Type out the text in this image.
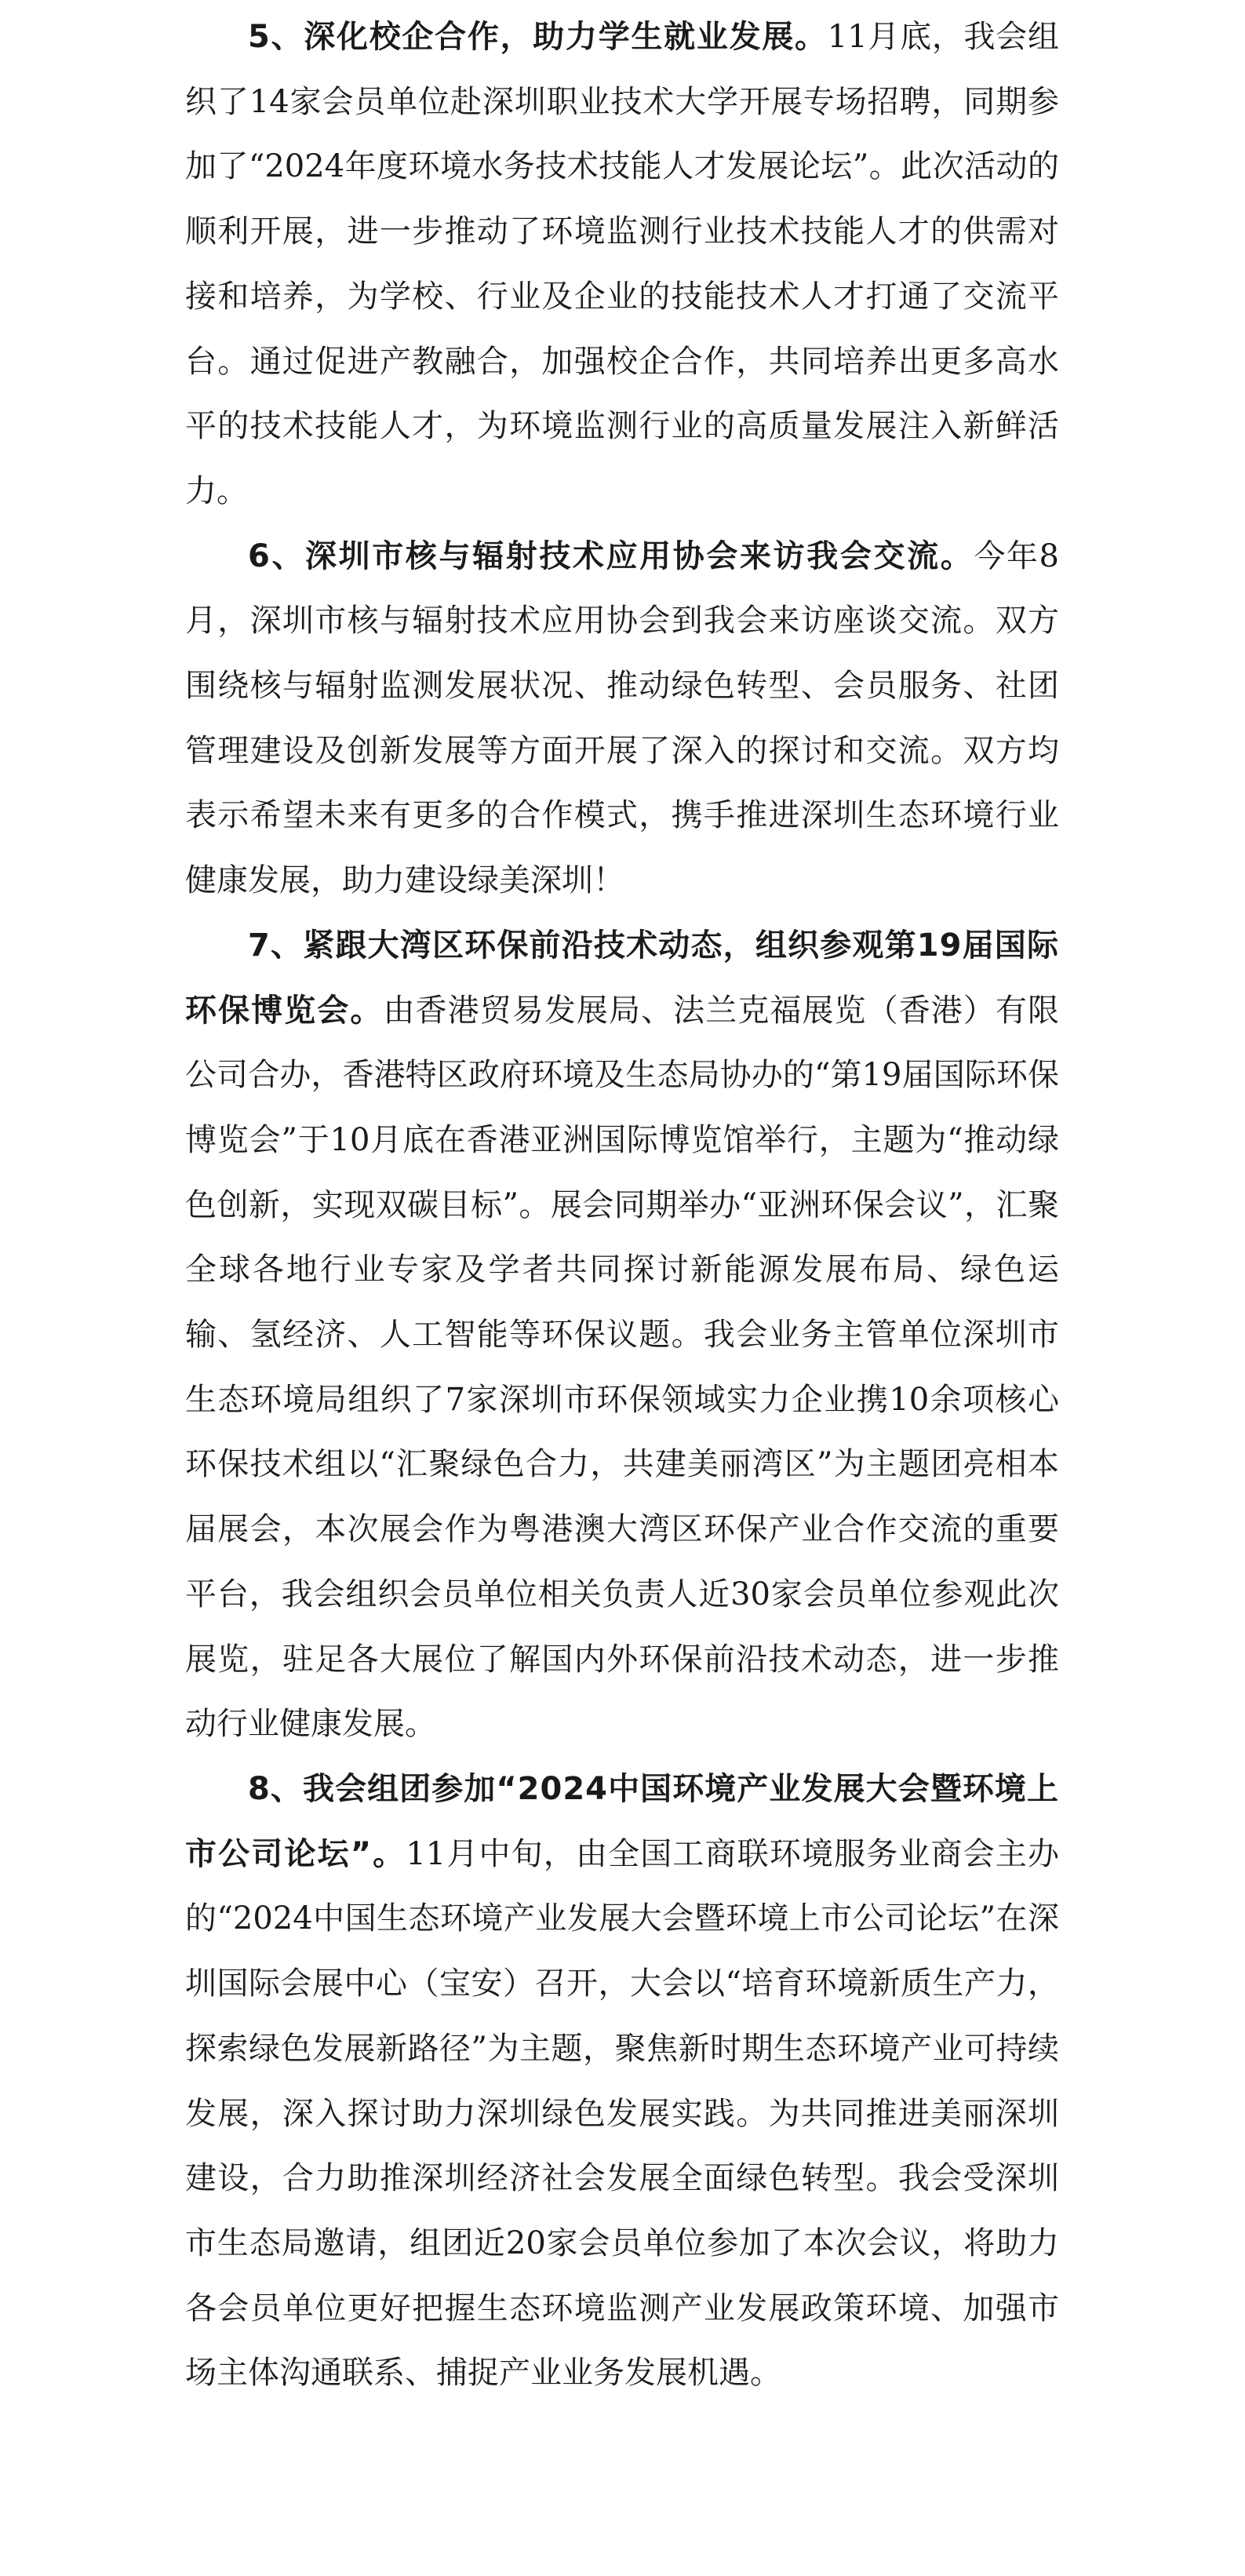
5、深化校企合作，助力学生就业发展。11月底，我会组织了14家会员单位赴深圳职业技术大学开展专场招聘，同期参加了“2024年度环境水务技术技能人才发展论坛”。此次活动的顺利开展，进一步推动了环境监测行业技术技能人才的供需对接和培养，为学校、行业及企业的技能技术人才打通了交流平台。通过促进产教融合，加强校企合作，共同培养出更多高水平的技术技能人才，为环境监测行业的高质量发展注入新鲜活力。

6、深圳市核与辐射技术应用协会来访我会交流。今年8月，深圳市核与辐射技术应用协会到我会来访座谈交流。双方围绕核与辐射监测发展状况、推动绿色转型、会员服务、社团管理建设及创新发展等方面开展了深入的探讨和交流。双方均表示希望未来有更多的合作模式，携手推进深圳生态环境行业健康发展，助力建设绿美深圳！

7、紧跟大湾区环保前沿技术动态，组织参观第19届国际环保博览会。由香港贸易发展局、法兰克福展览（香港）有限公司合办，香港特区政府环境及生态局协办的“第19届国际环保博览会”于10月底在香港亚洲国际博览馆举行，主题为“推动绿色创新，实现双碳目标”。展会同期举办“亚洲环保会议”，汇聚全球各地行业专家及学者共同探讨新能源发展布局、绿色运输、氢经济、人工智能等环保议题。我会业务主管单位深圳市生态环境局组织了7家深圳市环保领域实力企业携10余项核心环保技术组以“汇聚绿色合力，共建美丽湾区”为主题团亮相本届展会，本次展会作为粤港澳大湾区环保产业合作交流的重要平台，我会组织会员单位相关负责人近30家会员单位参观此次展览，驻足各大展位了解国内外环保前沿技术动态，进一步推动行业健康发展。

8、我会组团参加“2024中国环境产业发展大会暨环境上市公司论坛”。11月中旬，由全国工商联环境服务业商会主办的“2024中国生态环境产业发展大会暨环境上市公司论坛”在深圳国际会展中心（宝安）召开，大会以“培育环境新质生产力， 探索绿色发展新路径”为主题，聚焦新时期生态环境产业可持续发展，深入探讨助力深圳绿色发展实践。为共同推进美丽深圳建设，合力助推深圳经济社会发展全面绿色转型。我会受深圳市生态局邀请，组团近20家会员单位参加了本次会议，将助力各会员单位更好把握生态环境监测产业发展政策环境、加强市场主体沟通联系、捕捉产业业务发展机遇。
